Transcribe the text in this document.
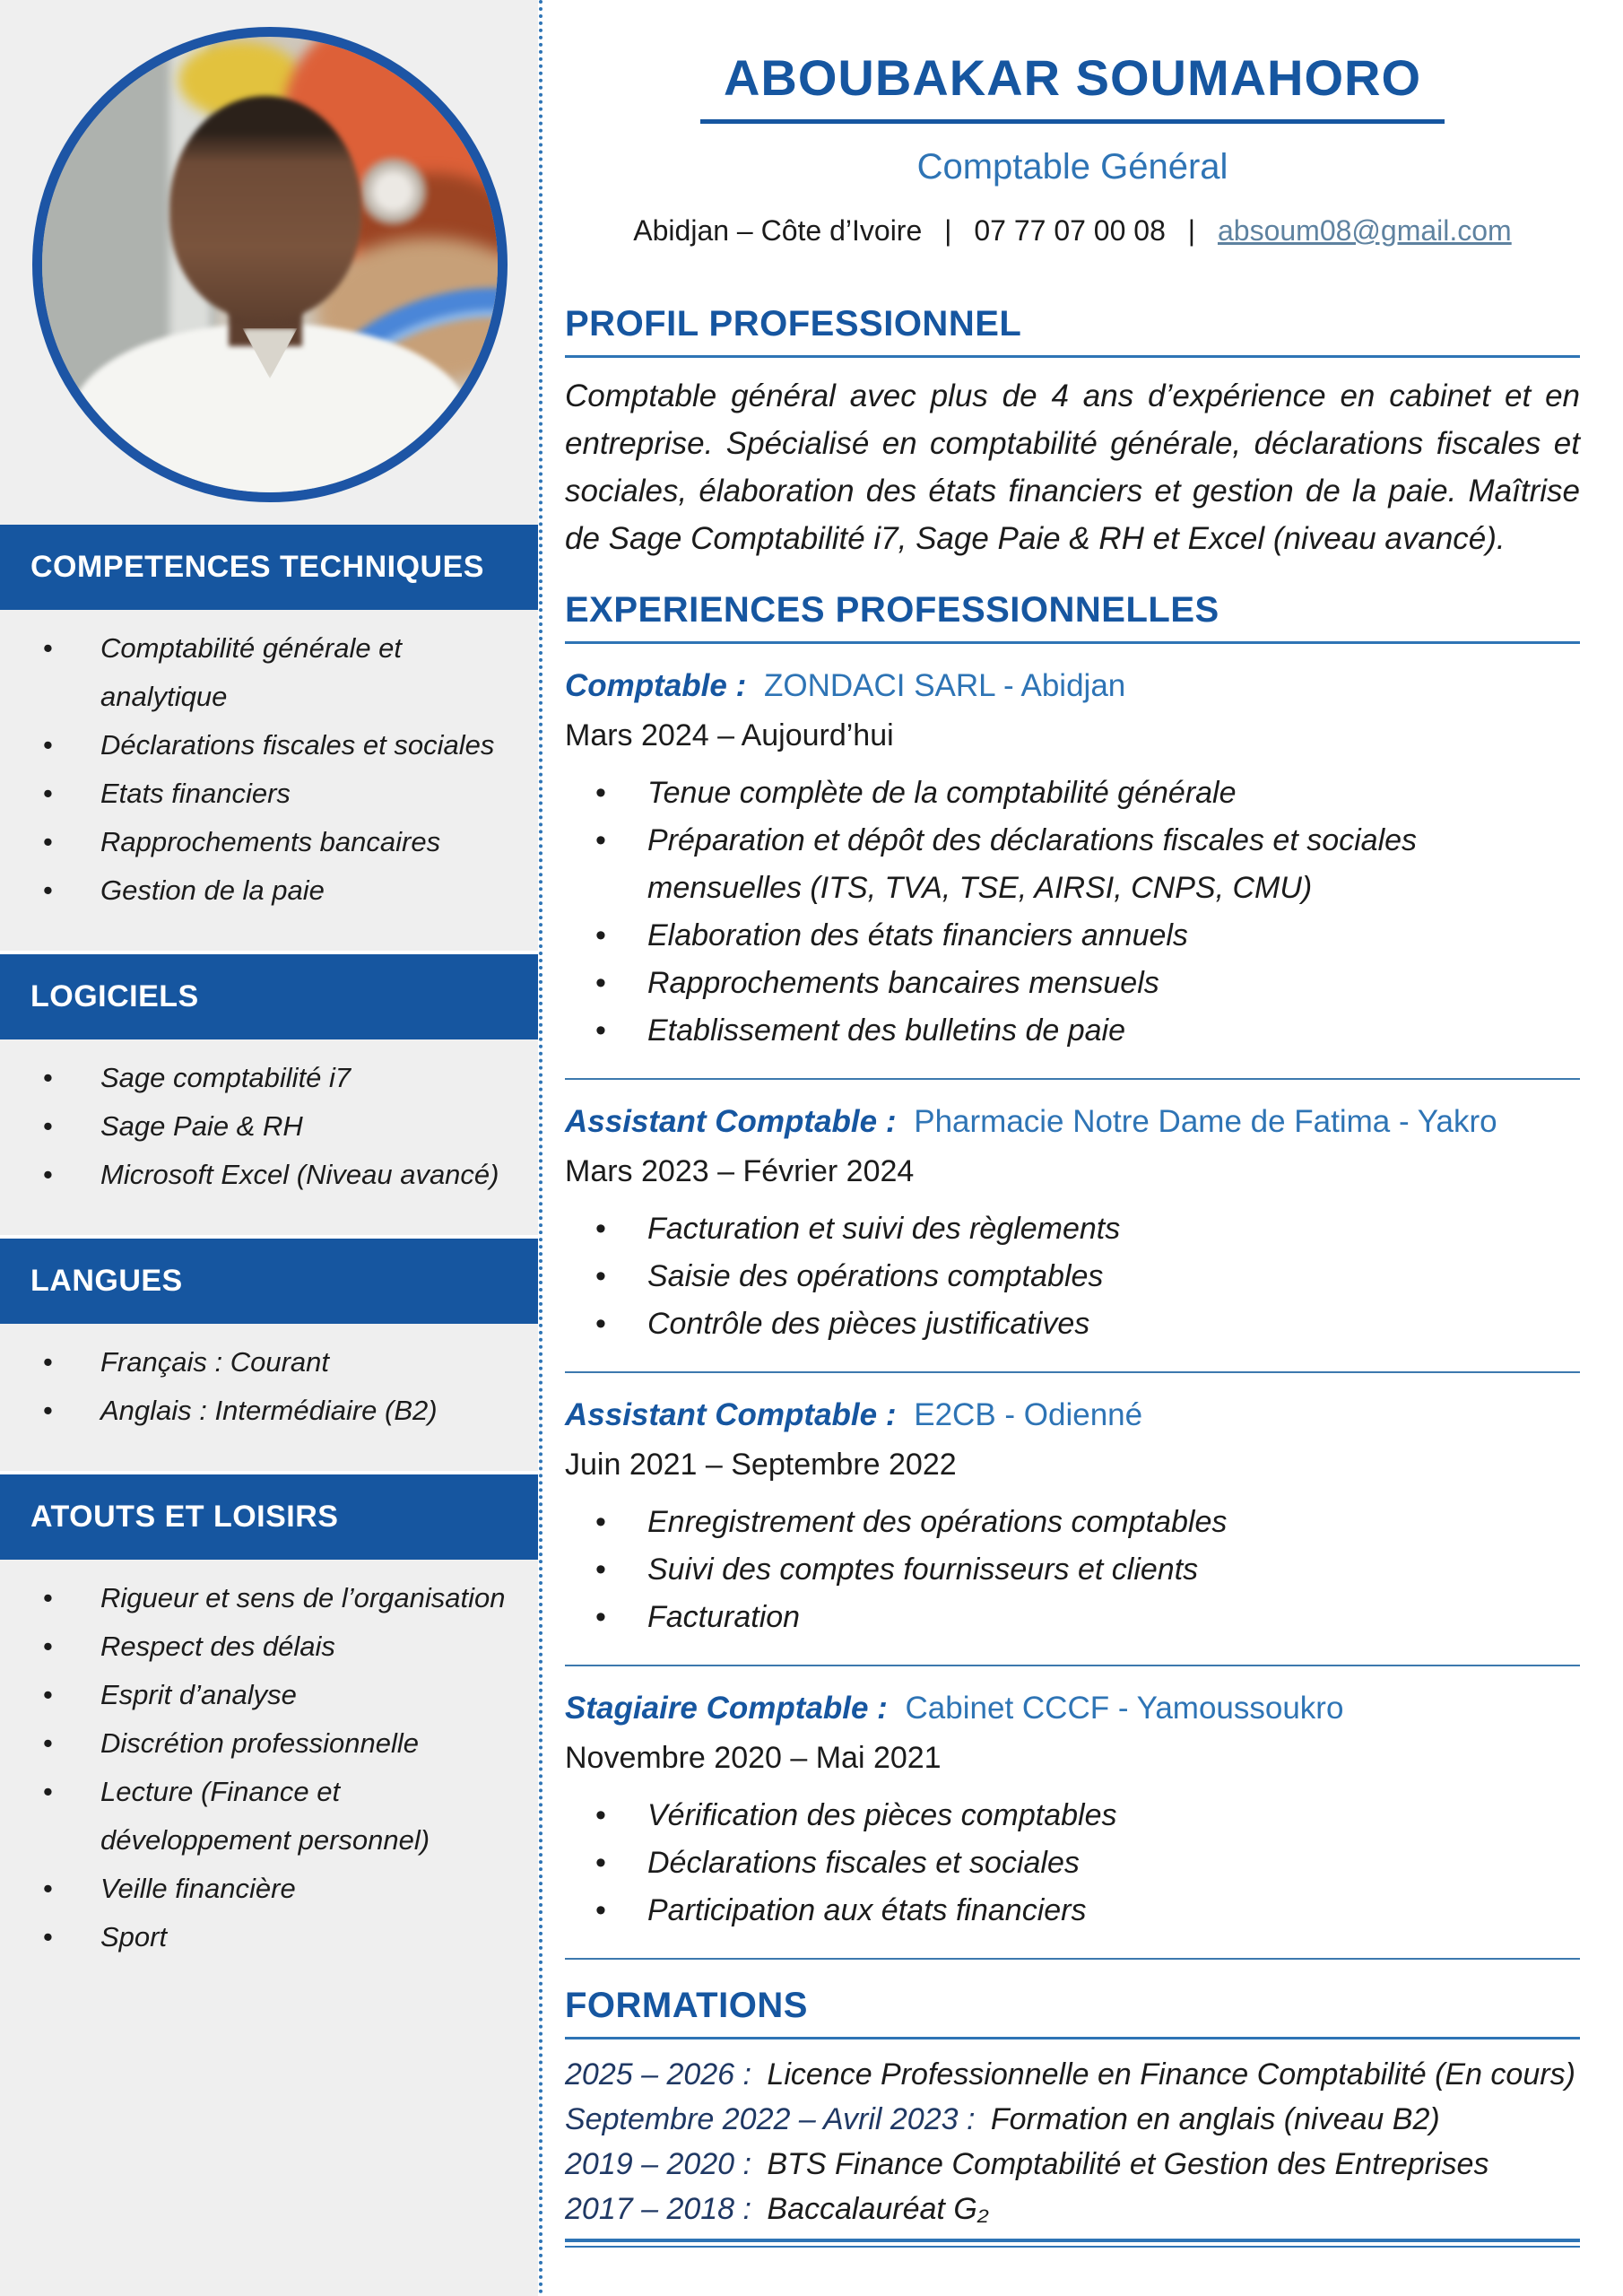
COMPETENCES TECHNIQUES
• Comptabilité générale et analytique
• Déclarations fiscales et sociales
• Etats financiers
• Rapprochements bancaires
• Gestion de la paie
LOGICIELS
• Sage comptabilité i7
• Sage Paie & RH
• Microsoft Excel (Niveau avancé)
LANGUES
• Français : Courant
• Anglais : Intermédiaire (B2)
ATOUTS ET LOISIRS
• Rigueur et sens de l’organisation
• Respect des délais
• Esprit d’analyse
• Discrétion professionnelle
• Lecture (Finance et développement personnel)
• Veille financière
• Sport
ABOUBAKAR SOUMAHORO
Comptable Général
Abidjan – Côte d’Ivoire | 07 77 07 00 08 | absoum08@gmail.com
PROFIL PROFESSIONNEL
Comptable général avec plus de 4 ans d’expérience en cabinet et en entreprise. Spécialisé en comptabilité générale, déclarations fiscales et sociales, élaboration des états financiers et gestion de la paie. Maîtrise de Sage Comptabilité i7, Sage Paie & RH et Excel (niveau avancé).
EXPERIENCES PROFESSIONNELLES
Comptable : ZONDACI SARL - Abidjan
Mars 2024 – Aujourd’hui
• Tenue complète de la comptabilité générale
• Préparation et dépôt des déclarations fiscales et sociales mensuelles (ITS, TVA, TSE, AIRSI, CNPS, CMU)
• Elaboration des états financiers annuels
• Rapprochements bancaires mensuels
• Etablissement des bulletins de paie
Assistant Comptable : Pharmacie Notre Dame de Fatima - Yakro
Mars 2023 – Février 2024
• Facturation et suivi des règlements
• Saisie des opérations comptables
• Contrôle des pièces justificatives
Assistant Comptable : E2CB - Odienné
Juin 2021 – Septembre 2022
• Enregistrement des opérations comptables
• Suivi des comptes fournisseurs et clients
• Facturation
Stagiaire Comptable : Cabinet CCCF - Yamoussoukro
Novembre 2020 – Mai 2021
• Vérification des pièces comptables
• Déclarations fiscales et sociales
• Participation aux états financiers
FORMATIONS
2025 – 2026 : Licence Professionnelle en Finance Comptabilité (En cours)
Septembre 2022 – Avril 2023 : Formation en anglais (niveau B2)
2019 – 2020 : BTS Finance Comptabilité et Gestion des Entreprises
2017 – 2018 : Baccalauréat G₂
